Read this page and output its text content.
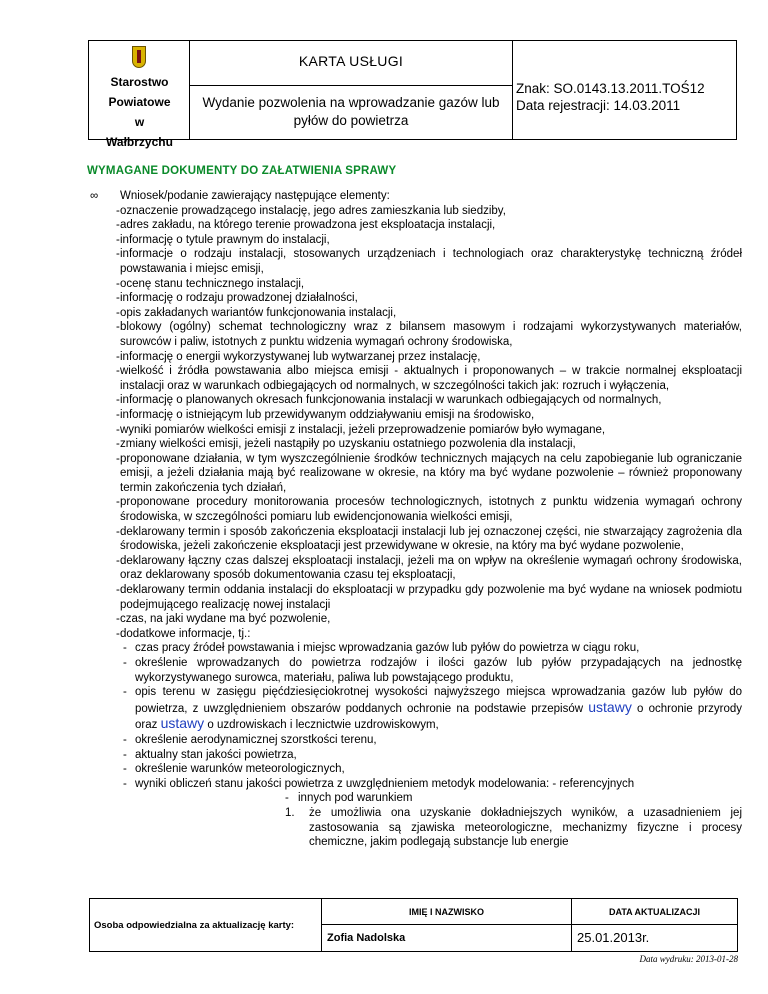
Starostwo
Powiatowe
w
Wałbrzychu
KARTA USŁUGI
Wydanie pozwolenia na wprowadzanie gazów lub pyłów do powietrza
Znak: SO.0143.13.2011.TOŚ12
Data rejestracji: 14.03.2011
WYMAGANE DOKUMENTY DO ZAŁATWIENIA SPRAWY
∞ Wniosek/podanie zawierający następujące elementy:
- oznaczenie prowadzącego instalację, jego adres zamieszkania lub siedziby,
- adres zakładu, na którego terenie prowadzona jest eksploatacja instalacji,
- informację o tytule prawnym do instalacji,
- informacje o rodzaju instalacji, stosowanych urządzeniach i technologiach oraz charakterystykę techniczną źródeł powstawania i miejsc emisji,
- ocenę stanu technicznego instalacji,
- informację o rodzaju prowadzonej działalności,
- opis zakładanych wariantów funkcjonowania instalacji,
- blokowy (ogólny) schemat technologiczny wraz z bilansem masowym i rodzajami wykorzystywanych materiałów, surowców i paliw, istotnych z punktu widzenia wymagań ochrony środowiska,
- informację o energii wykorzystywanej lub wytwarzanej przez instalację,
- wielkość i źródła powstawania albo miejsca emisji - aktualnych i proponowanych – w trakcie normalnej eksploatacji instalacji oraz w warunkach odbiegających od normalnych, w szczególności takich jak: rozruch i wyłączenia,
- informację o planowanych okresach funkcjonowania instalacji w warunkach odbiegających od normalnych,
- informację o istniejącym lub przewidywanym oddziaływaniu emisji na środowisko,
- wyniki pomiarów wielkości emisji z instalacji, jeżeli przeprowadzenie pomiarów było wymagane,
- zmiany wielkości emisji, jeżeli nastąpiły po uzyskaniu ostatniego pozwolenia dla instalacji,
- proponowane działania, w tym wyszczególnienie środków technicznych mających na celu zapobieganie lub ograniczanie emisji, a jeżeli działania mają być realizowane w okresie, na który ma być wydane pozwolenie – również proponowany termin zakończenia tych działań,
- proponowane procedury monitorowania procesów technologicznych, istotnych z punktu widzenia wymagań ochrony środowiska, w szczególności pomiaru lub ewidencjonowania wielkości emisji,
- deklarowany termin i sposób zakończenia eksploatacji instalacji lub jej oznaczonej części, nie stwarzający zagrożenia dla środowiska, jeżeli zakończenie eksploatacji jest przewidywane w okresie, na który ma być wydane pozwolenie,
- deklarowany łączny czas dalszej eksploatacji instalacji, jeżeli ma on wpływ na określenie wymagań ochrony środowiska, oraz deklarowany sposób dokumentowania czasu tej eksploatacji,
- deklarowany termin oddania instalacji do eksploatacji w przypadku gdy pozwolenie ma być wydane na wniosek podmiotu podejmującego realizację nowej instalacji
- czas, na jaki wydane ma być pozwolenie,
- dodatkowe informacje, tj.:
- czas pracy źródeł powstawania i miejsc wprowadzania gazów lub pyłów do powietrza w ciągu roku,
- określenie wprowadzanych do powietrza rodzajów i ilości gazów lub pyłów przypadających na jednostkę wykorzystywanego surowca, materiału, paliwa lub powstającego produktu,
- opis terenu w zasięgu pięćdziesięciokrotnej wysokości najwyższego miejsca wprowadzania gazów lub pyłów do powietrza, z uwzględnieniem obszarów poddanych ochronie na podstawie przepisów ustawy o ochronie przyrody oraz ustawy o uzdrowiskach i lecznictwie uzdrowiskowym,
- określenie aerodynamicznej szorstkości terenu,
- aktualny stan jakości powietrza,
- określenie warunków meteorologicznych,
- wyniki obliczeń stanu jakości powietrza z uwzględnieniem metodyk modelowania: - referencyjnych
- innych pod warunkiem
1. że umożliwia ona uzyskanie dokładniejszych wyników, a uzasadnieniem jej zastosowania są zjawiska meteorologiczne, mechanizmy fizyczne i procesy chemiczne, jakim podlegają substancje lub energie
Osoba odpowiedzialna za aktualizację karty:
IMIĘ I NAZWISKO	DATA AKTUALIZACJI
Zofia Nadolska	25.01.2013r.
Data wydruku: 2013-01-28
